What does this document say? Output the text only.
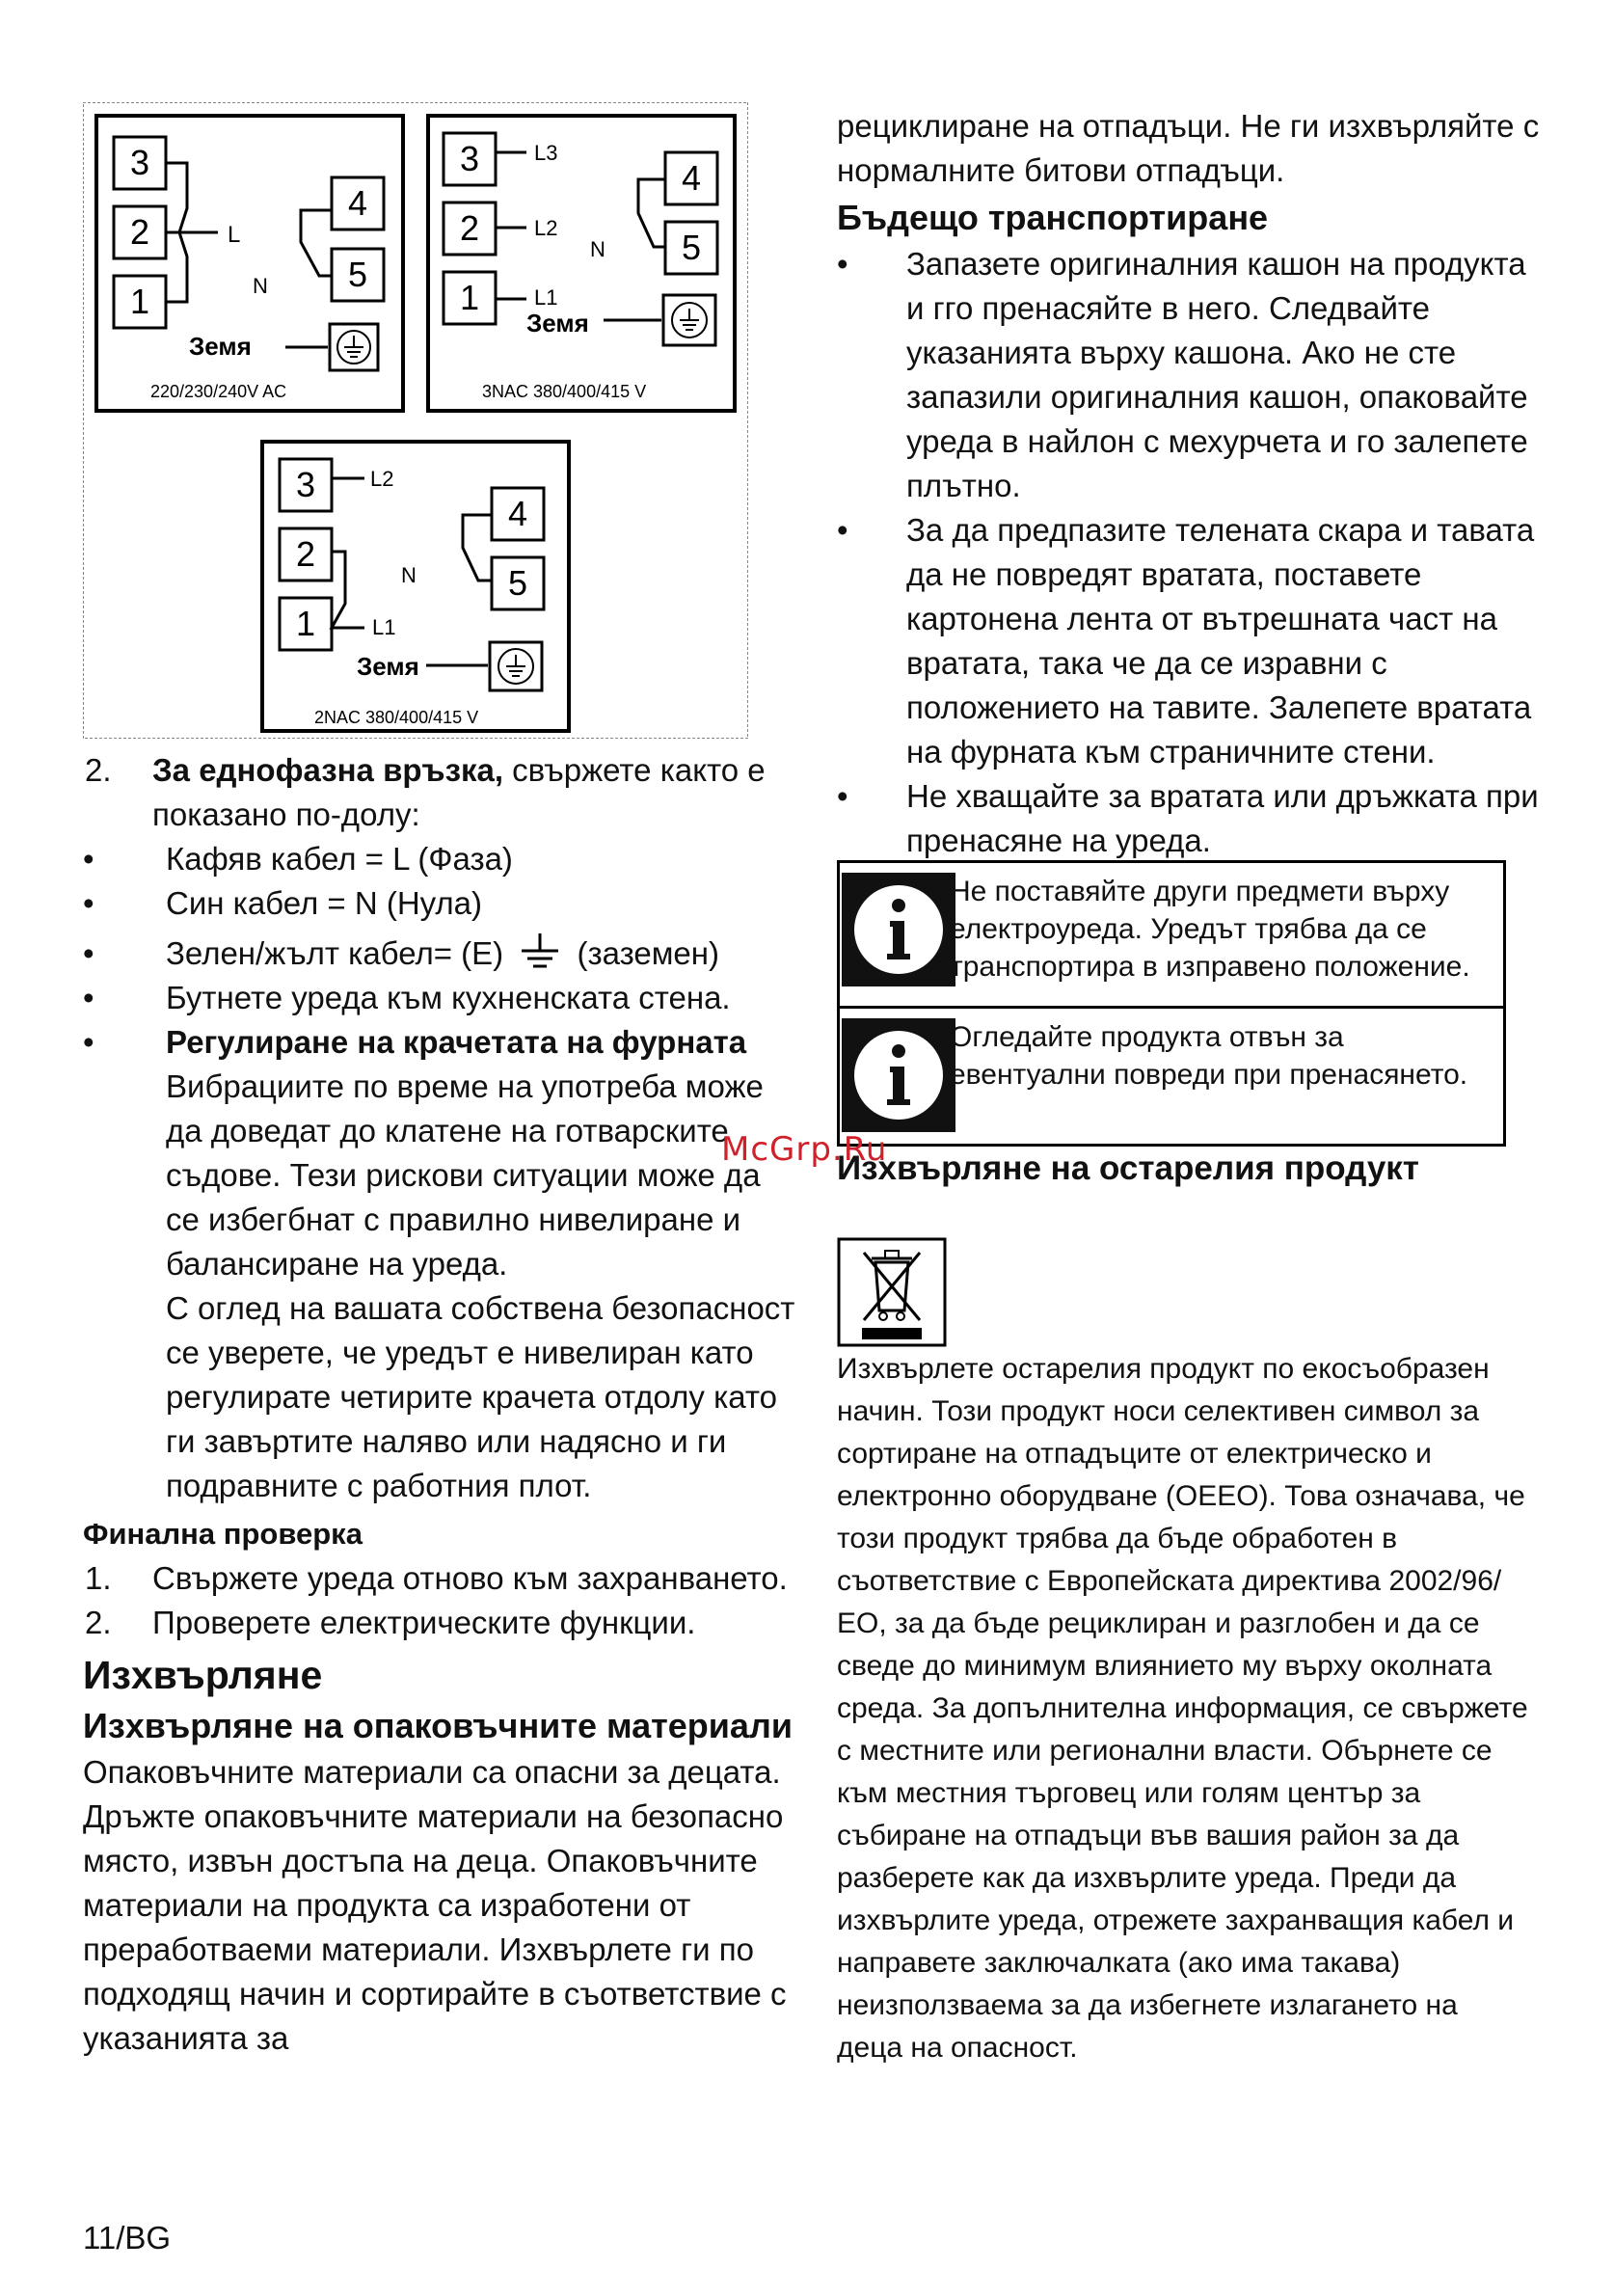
3
2
1
L
4
5
N
Земя
220/230/240V AC
3
2
1
L3
L2
L1
4
5
N
Земя
3NAC 380/400/415 V
3
2
1
L2
N
L1
4
5
Земя
2NAC 380/400/415 V
2. За еднофазна връзка, свържете както е показано по-долу:
• Кафяв кабел = L (Фаза)
• Син кабел = N (Нула)
• Зелен/жълт кабел= (E) (заземен)
• Бутнете уреда към кухненската стена.
• Регулиране на крачетата на фурната
Вибрациите по време на употреба може да доведат до клатене на готварските съдове. Тези рискови ситуации може да се избегбнат с правилно нивелиране и балансиране на уреда.
С оглед на вашата собствена безопасност се уверете, че уредът е нивелиран като регулирате четирите крачета отдолу като ги завъртите наляво или надясно и ги подравните с работния плот.
Финална проверка
1. Свържете уреда отново към захранването.
2. Проверете електрическите функции.
Изхвърляне
Изхвърляне на опаковъчните материали
Опаковъчните материали са опасни за децата. Дръжте опаковъчните материали на безопасно място, извън достъпа на деца. Опаковъчните материали на продукта са изработени от преработваеми материали. Изхвърлете ги по подходящ начин и сортирайте в съответствие с указанията за
рециклиране на отпадъци. Не ги изхвърляйте с нормалните битови отпадъци.
Бъдещо транспортиране
• Запазете оригиналния кашон на продукта и гго пренасяйте в него. Следвайте указанията върху кашона. Ако не сте запазили оригиналния кашон, опаковайте уреда в найлон с мехурчета и го залепете плътно.
• За да предпазите телената скара и тавата да не повредят вратата, поставете картонена лента от вътрешната част на вратата, така че да се изравни с положението на тавите. Залепете вратата на фурната към страничните стени.
• Не хващайте за вратата или дръжката при пренасяне на уреда.
Не поставяйте други предмети върху електроуреда. Уредът трябва да се транспортира в изправено положение.
Огледайте продукта отвън за евентуални повреди при пренасянето.
McGrp.Ru
Изхвърляне на остарелия продукт
Изхвърлете остарелия продукт по екосъобразен начин. Този продукт носи селективен символ за сортиране на отпадъците от електрическо и електронно оборудване (ОЕЕО). Това означава, че този продукт трябва да бъде обработен в съответствие с Европейската директива 2002/96/ЕО, за да бъде рециклиран и разглобен и да се сведе до минимум влиянието му върху околната среда. За допълнителна информация, се свържете с местните или регионални власти. Обърнете се към местния търговец или голям център за събиране на отпадъци във вашия район за да разберете как да изхвърлите уреда. Преди да изхвърлите уреда, отрежете захранващия кабел и направете заключалката (ако има такава) неизползваема за да избегнете излагането на деца на опасност.
11/BG
